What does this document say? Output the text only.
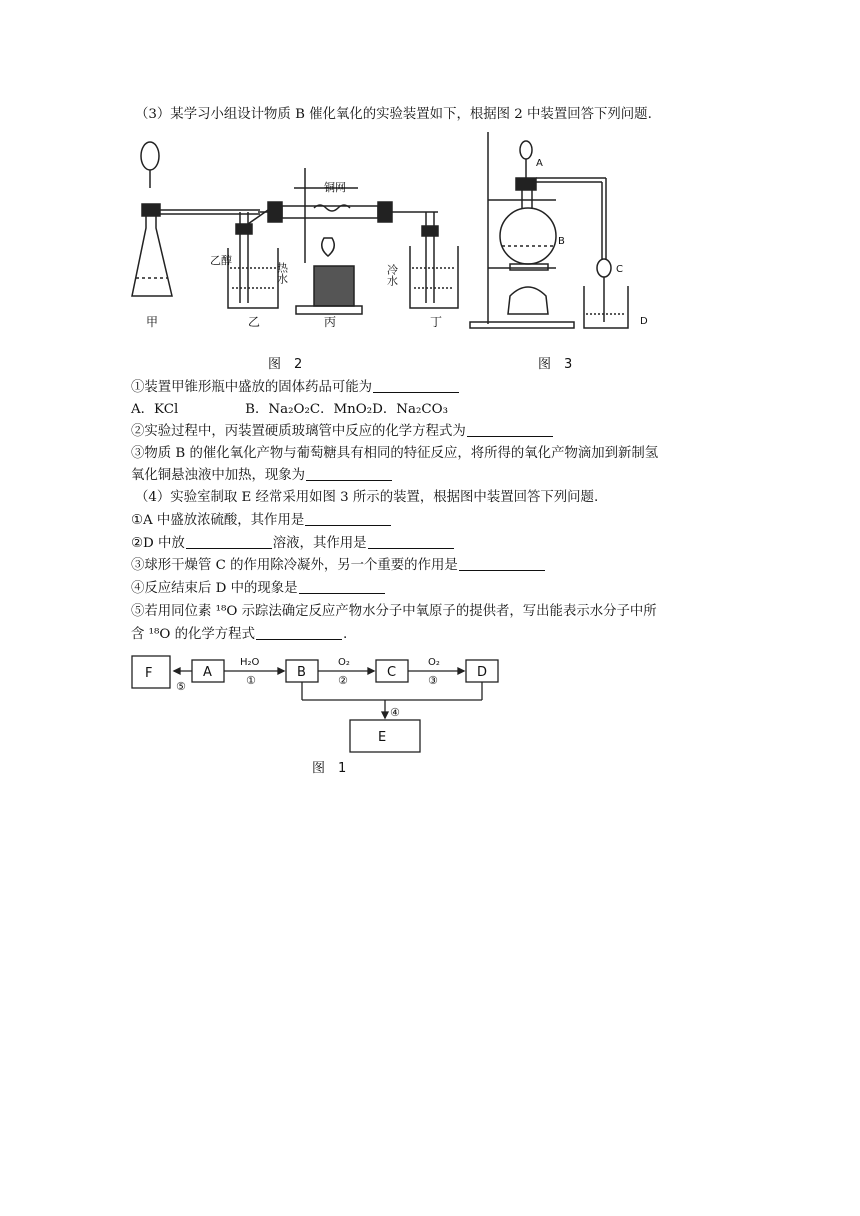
（3）某学习小组设计物质 B 催化氧化的实验装置如下，根据图 2 中装置回答下列问题.
铜网
乙醇
热水	冷水
甲	乙	丙	丁
图　2
A
B
C
D
图　3
①装置甲锥形瓶中盛放的固体药品可能为
A．KCl　　　　　B．Na₂O₂C．MnO₂D．Na₂CO₃
②实验过程中，丙装置硬质玻璃管中反应的化学方程式为
③物质 B 的催化氧化产物与葡萄糖具有相同的特征反应，将所得的氧化产物滴加到新制氢
氧化铜悬浊液中加热，现象为
（4）实验室制取 E 经常采用如图 3 所示的装置，根据图中装置回答下列问题.
①A 中盛放浓硫酸，其作用是
②D 中放	溶液，其作用是
③球形干燥管 C 的作用除冷凝外，另一个重要的作用是
④反应结束后 D 中的现象是
⑤若用同位素 ¹⁸O 示踪法确定反应产物水分子中氧原子的提供者，写出能表示水分子中所
含 ¹⁸O 的化学方程式	.
F	A	B	C	D
E
H₂O
①
O₂
②
O₂
③
④
⑤
图　1
